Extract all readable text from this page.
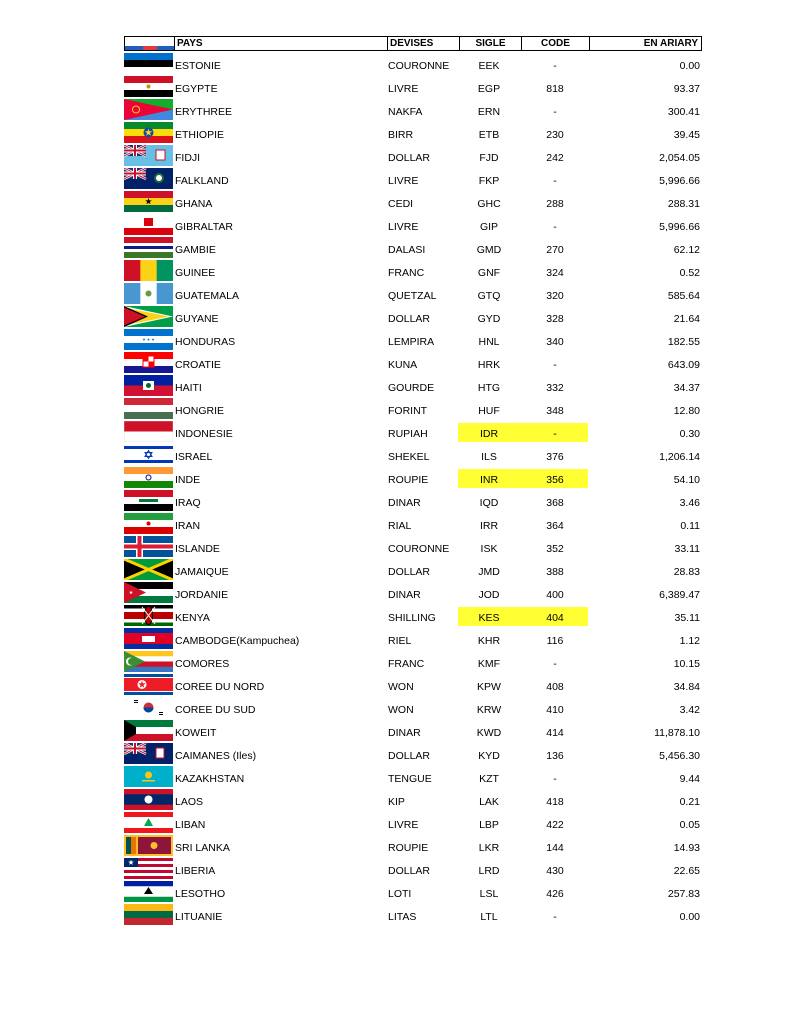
PAYS	DEVISES	SIGLE	CODE	EN ARIARY
ESTONIE	COURONNE	EEK	-	0.00
EGYPTE	LIVRE	EGP	818	93.37
ERYTHREE	NAKFA	ERN	-	300.41
ETHIOPIE	BIRR	ETB	230	39.45
FIDJI	DOLLAR	FJD	242	2,054.05
FALKLAND	LIVRE	FKP	-	5,996.66
GHANA	CEDI	GHC	288	288.31
GIBRALTAR	LIVRE	GIP	-	5,996.66
GAMBIE	DALASI	GMD	270	62.12
GUINEE	FRANC	GNF	324	0.52
GUATEMALA	QUETZAL	GTQ	320	585.64
GUYANE	DOLLAR	GYD	328	21.64
HONDURAS	LEMPIRA	HNL	340	182.55
CROATIE	KUNA	HRK	-	643.09
HAITI	GOURDE	HTG	332	34.37
HONGRIE	FORINT	HUF	348	12.80
INDONESIE	RUPIAH	IDR	-	0.30
ISRAEL	SHEKEL	ILS	376	1,206.14
INDE	ROUPIE	INR	356	54.10
IRAQ	DINAR	IQD	368	3.46
IRAN	RIAL	IRR	364	0.11
ISLANDE	COURONNE	ISK	352	33.11
JAMAIQUE	DOLLAR	JMD	388	28.83
JORDANIE	DINAR	JOD	400	6,389.47
KENYA	SHILLING	KES	404	35.11
CAMBODGE(Kampuchea)	RIEL	KHR	116	1.12
COMORES	FRANC	KMF	-	10.15
COREE DU NORD	WON	KPW	408	34.84
COREE DU SUD	WON	KRW	410	3.42
KOWEIT	DINAR	KWD	414	11,878.10
CAIMANES (Iles)	DOLLAR	KYD	136	5,456.30
KAZAKHSTAN	TENGUE	KZT	-	9.44
LAOS	KIP	LAK	418	0.21
LIBAN	LIVRE	LBP	422	0.05
SRI LANKA	ROUPIE	LKR	144	14.93
LIBERIA	DOLLAR	LRD	430	22.65
LESOTHO	LOTI	LSL	426	257.83
LITUANIE	LITAS	LTL	-	0.00
